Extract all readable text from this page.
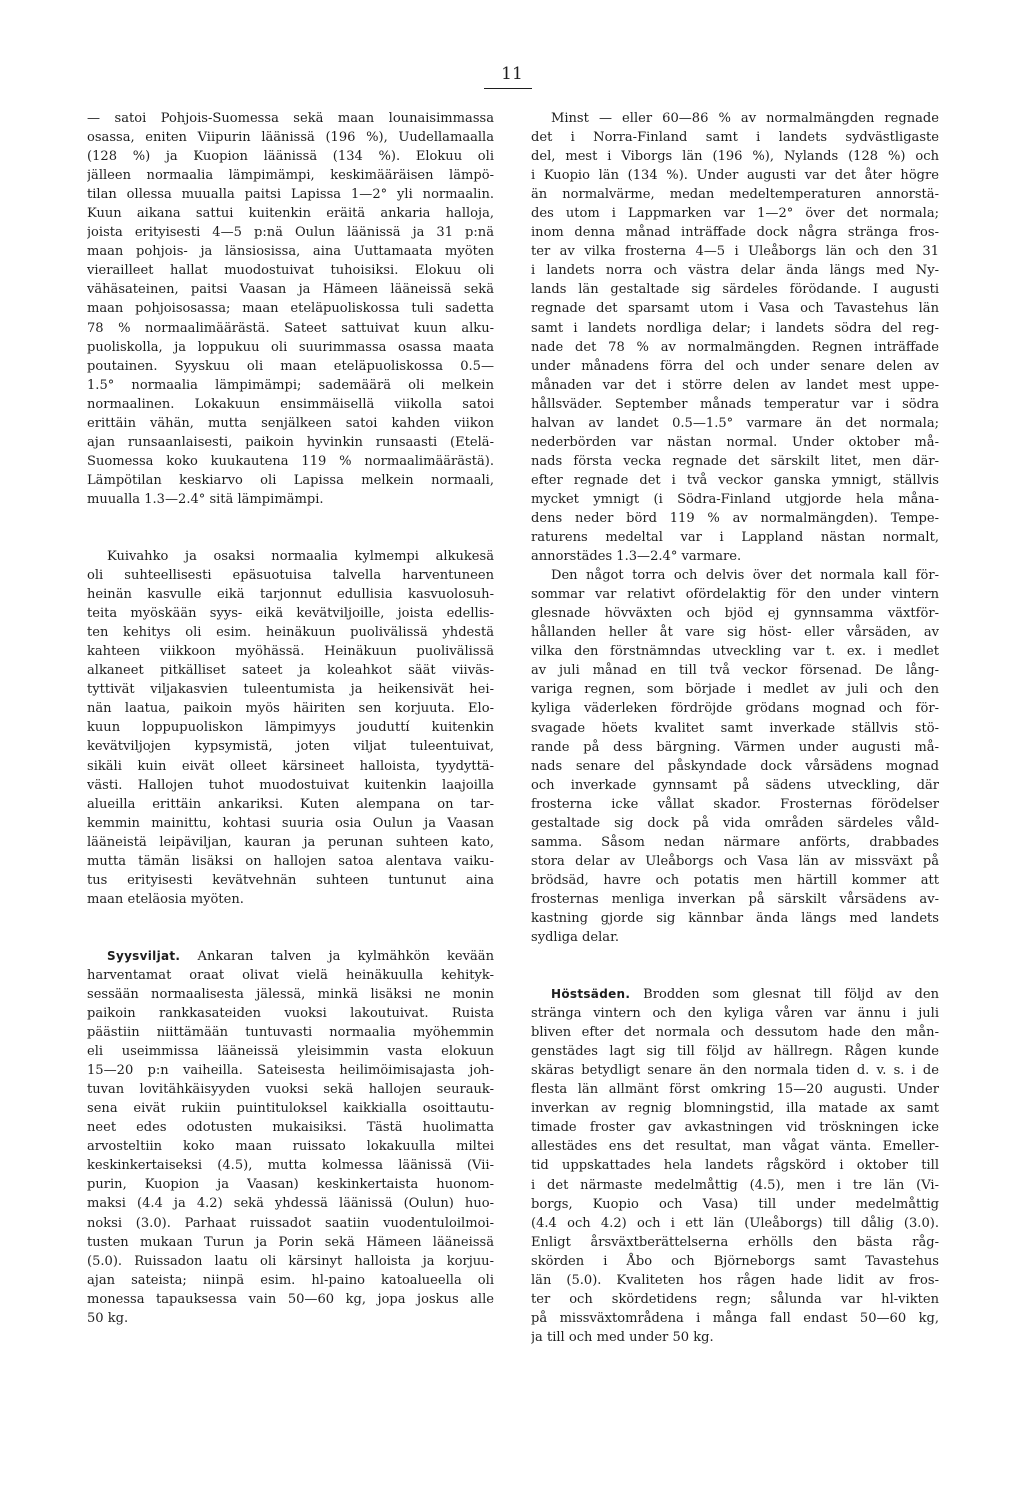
11
— satoi Pohjois-Suomessa sekä maan lounaisimmassa
osassa, eniten Viipurin läänissä (196 %), Uudellamaalla
(128 %) ja Kuopion läänissä (134 %). Elokuu oli
jälleen normaalia lämpimämpi, keskimääräisen lämpö-
tilan ollessa muualla paitsi Lapissa 1—2° yli normaalin.
Kuun aikana sattui kuitenkin eräitä ankaria halloja,
joista erityisesti 4—5 p:nä Oulun läänissä ja 31 p:nä
maan pohjois- ja länsiosissa, aina Uuttamaata myöten
vierailleet hallat muodostuivat tuhoisiksi. Elokuu oli
vähäsateinen, paitsi Vaasan ja Hämeen lääneissä sekä
maan pohjoisosassa; maan eteläpuoliskossa tuli sadetta
78 % normaalimäärästä. Sateet sattuivat kuun alku-
puoliskolla, ja loppukuu oli suurimmassa osassa maata
poutainen. Syyskuu oli maan eteläpuoliskossa 0.5—
1.5° normaalia lämpimämpi; sademäärä oli melkein
normaalinen. Lokakuun ensimmäisellä viikolla satoi
erittäin vähän, mutta senjälkeen satoi kahden viikon
ajan runsaanlaisesti, paikoin hyvinkin runsaasti (Etelä-
Suomessa koko kuukautena 119 % normaalimäärästä).
Lämpötilan keskiarvo oli Lapissa melkein normaali,
muualla 1.3—2.4° sitä lämpimämpi.
Kuivahko ja osaksi normaalia kylmempi alkukesä
oli suhteellisesti epäsuotuisa talvella harventuneen
heinän kasvulle eikä tarjonnut edullisia kasvuolosuh-
teita myöskään syys- eikä kevätviljoille, joista edellis-
ten kehitys oli esim. heinäkuun puolivälissä yhdestä
kahteen viikkoon myöhässä. Heinäkuun puolivälissä
alkaneet pitkälliset sateet ja koleahkot säät viiväs-
tyttivät viljakasvien tuleentumista ja heikensivät hei-
nän laatua, paikoin myös häiriten sen korjuuta. Elo-
kuun loppupuoliskon lämpimyys jouduttí kuitenkin
kevätviljojen kypsymistä, joten viljat tuleentuivat,
sikäli kuin eivät olleet kärsineet halloista, tyydyttä-
västi. Hallojen tuhot muodostuivat kuitenkin laajoilla
alueilla erittäin ankariksi. Kuten alempana on tar-
kemmin mainittu, kohtasi suuria osia Oulun ja Vaasan
lääneistä leipäviljan, kauran ja perunan suhteen kato,
mutta tämän lisäksi on hallojen satoa alentava vaiku-
tus erityisesti kevätvehnän suhteen tuntunut aina
maan eteläosia myöten.
Syysviljat. Ankaran talven ja kylmähkön kevään
harventamat oraat olivat vielä heinäkuulla kehityk-
sessään normaalisesta jälessä, minkä lisäksi ne monin
paikoin rankkasateiden vuoksi lakoutuivat. Ruista
päästiin niittämään tuntuvasti normaalia myöhemmin
eli useimmissa lääneissä yleisimmin vasta elokuun
15—20 p:n vaiheilla. Sateisesta heilimöimisajasta joh-
tuvan lovitähkäisyyden vuoksi sekä hallojen seurauk-
sena eivät rukiin puintituloksel kaikkialla osoittautu-
neet edes odotusten mukaisiksi. Tästä huolimatta
arvosteltiin koko maan ruissato lokakuulla miltei
keskinkertaiseksi (4.5), mutta kolmessa läänissä (Vii-
purin, Kuopion ja Vaasan) keskinkertaista huonom-
maksi (4.4 ja 4.2) sekä yhdessä läänissä (Oulun) huo-
noksi (3.0). Parhaat ruissadot saatiin vuodentuloilmoi-
tusten mukaan Turun ja Porin sekä Hämeen lääneissä
(5.0). Ruissadon laatu oli kärsinyt halloista ja korjuu-
ajan sateista; niinpä esim. hl-paino katoalueella oli
monessa tapauksessa vain 50—60 kg, jopa joskus alle
50 kg.
Minst — eller 60—86 % av normalmängden regnade
det i Norra-Finland samt i landets sydvästligaste
del, mest i Viborgs län (196 %), Nylands (128 %) och
i Kuopio län (134 %). Under augusti var det åter högre
än normalvärme, medan medeltemperaturen annorstä-
des utom i Lappmarken var 1—2° över det normala;
inom denna månad inträffade dock några stränga fros-
ter av vilka frosterna 4—5 i Uleåborgs län och den 31
i landets norra och västra delar ända längs med Ny-
lands län gestaltade sig särdeles förödande. I augusti
regnade det sparsamt utom i Vasa och Tavastehus län
samt i landets nordliga delar; i landets södra del reg-
nade det 78 % av normalmängden. Regnen inträffade
under månadens förra del och under senare delen av
månaden var det i större delen av landet mest uppe-
hållsväder. September månads temperatur var i södra
halvan av landet 0.5—1.5° varmare än det normala;
nederbörden var nästan normal. Under oktober må-
nads första vecka regnade det särskilt litet, men där-
efter regnade det i två veckor ganska ymnigt, ställvis
mycket ymnigt (i Södra-Finland utgjorde hela måna-
dens neder börd 119 % av normalmängden). Tempe-
raturens medeltal var i Lappland nästan normalt,
annorstädes 1.3—2.4° varmare.
Den något torra och delvis över det normala kall för-
sommar var relativt ofördelaktig för den under vintern
glesnade hövväxten och bjöd ej gynnsamma växtför-
hållanden heller åt vare sig höst- eller vårsäden, av
vilka den förstnämndas utveckling var t. ex. i medlet
av juli månad en till två veckor försenad. De lång-
variga regnen, som började i medlet av juli och den
kyliga väderleken fördröjde grödans mognad och för-
svagade höets kvalitet samt inverkade ställvis stö-
rande på dess bärgning. Värmen under augusti må-
nads senare del påskyndade dock vårsädens mognad
och inverkade gynnsamt på sädens utveckling, där
frosterna icke vållat skador. Frosternas förödelser
gestaltade sig dock på vida områden särdeles våld-
samma. Såsom nedan närmare anförts, drabbades
stora delar av Uleåborgs och Vasa län av missväxt på
brödsäd, havre och potatis men härtill kommer att
frosternas menliga inverkan på särskilt vårsädens av-
kastning gjorde sig kännbar ända längs med landets
sydliga delar.
Höstsäden. Brodden som glesnat till följd av den
stränga vintern och den kyliga våren var ännu i juli
bliven efter det normala och dessutom hade den mån-
genstädes lagt sig till följd av hällregn. Rågen kunde
skäras betydligt senare än den normala tiden d. v. s. i de
flesta län allmänt först omkring 15—20 augusti. Under
inverkan av regnig blomningstid, illa matade ax samt
timade froster gav avkastningen vid tröskningen icke
allestädes ens det resultat, man vågat vänta. Emeller-
tid uppskattades hela landets rågskörd i oktober till
i det närmaste medelmåttig (4.5), men i tre län (Vi-
borgs, Kuopio och Vasa) till under medelmåttig
(4.4 och 4.2) och i ett län (Uleåborgs) till dålig (3.0).
Enligt årsväxtberättelserna erhölls den bästa råg-
skörden i Åbo och Björneborgs samt Tavastehus
län (5.0). Kvaliteten hos rågen hade lidit av fros-
ter och skördetidens regn; sålunda var hl-vikten
på missväxtområdena i många fall endast 50—60 kg,
ja till och med under 50 kg.
